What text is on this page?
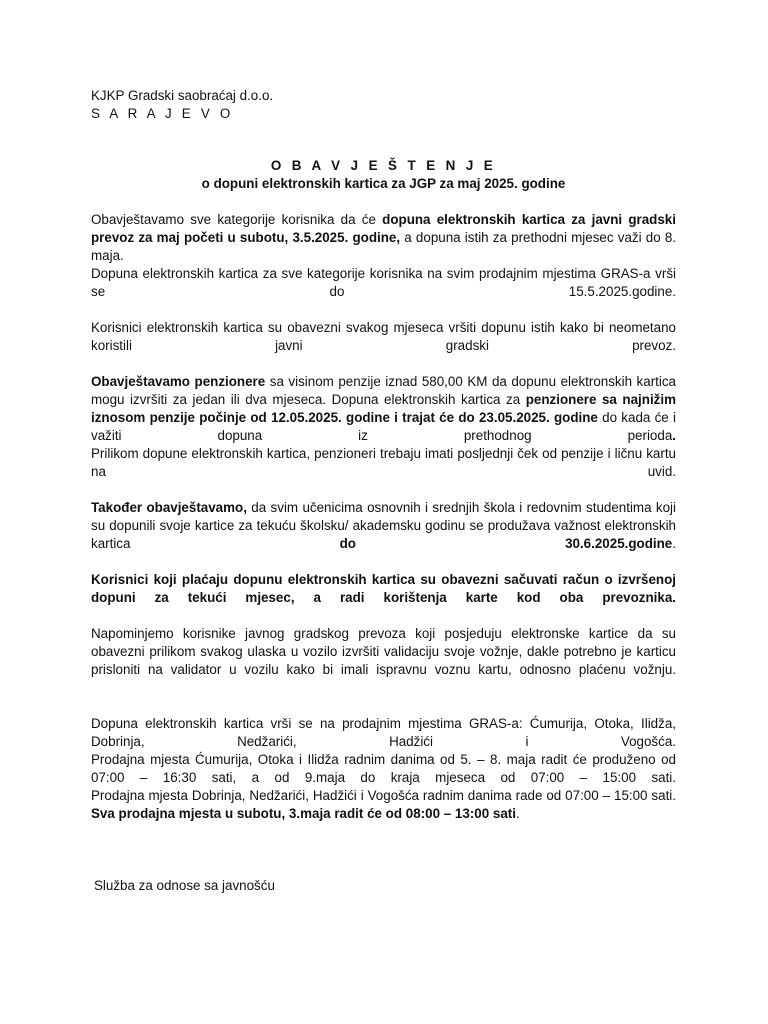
KJKP Gradski saobraćaj d.o.o.
S A R A J E V O
O B A V J E Š T E N J E
o dopuni elektronskih kartica za JGP za maj 2025. godine
Obavještavamo sve kategorije korisnika da će dopuna elektronskih kartica za javni gradski prevoz za maj početi u subotu, 3.5.2025. godine, a dopuna istih za prethodni mjesec važi do 8. maja.
Dopuna elektronskih kartica za sve kategorije korisnika na svim prodajnim mjestima GRAS-a vrši se do 15.5.2025.godine.
Korisnici elektronskih kartica su obavezni svakog mjeseca vršiti dopunu istih kako bi neometano koristili javni gradski prevoz.
Obavještavamo penzionere sa visinom penzije iznad 580,00 KM da dopunu elektronskih kartica mogu izvršiti za jedan ili dva mjeseca. Dopuna elektronskih kartica za penzionere sa najnižim iznosom penzije počinje od 12.05.2025. godine i trajat će do 23.05.2025. godine do kada će i važiti dopuna iz prethodnog perioda.
Prilikom dopune elektronskih kartica, penzioneri trebaju imati posljednji ček od penzije i ličnu kartu na uvid.
Također obavještavamo, da svim učenicima osnovnih i srednjih škola i redovnim studentima koji su dopunili svoje kartice za tekuću školsku/ akademsku godinu se produžava važnost elektronskih kartica do 30.6.2025.godine.
Korisnici koji plaćaju dopunu elektronskih kartica su obavezni sačuvati račun o izvršenoj dopuni za tekući mjesec, a radi korištenja karte kod oba prevoznika.
Napominjemo korisnike javnog gradskog prevoza koji posjeduju elektronske kartice da su obavezni prilikom svakog ulaska u vozilo izvršiti validaciju svoje vožnje, dakle potrebno je karticu prisloniti na validator u vozilu kako bi imali ispravnu voznu kartu, odnosno plaćenu vožnju.
Dopuna elektronskih kartica vrši se na prodajnim mjestima GRAS-a: Ćumurija, Otoka, Ilidža, Dobrinja, Nedžarići, Hadžići i Vogošća.
Prodajna mjesta Ćumurija, Otoka i Ilidža radnim danima od 5. – 8. maja radit će produženo od 07:00 – 16:30 sati, a od 9.maja do kraja mjeseca od 07:00 – 15:00 sati.
Prodajna mjesta Dobrinja, Nedžarići, Hadžići i Vogošća radnim danima rade od 07:00 – 15:00 sati.
Sva prodajna mjesta u subotu, 3.maja radit će od 08:00 – 13:00 sati.
Služba za odnose sa javnošću
